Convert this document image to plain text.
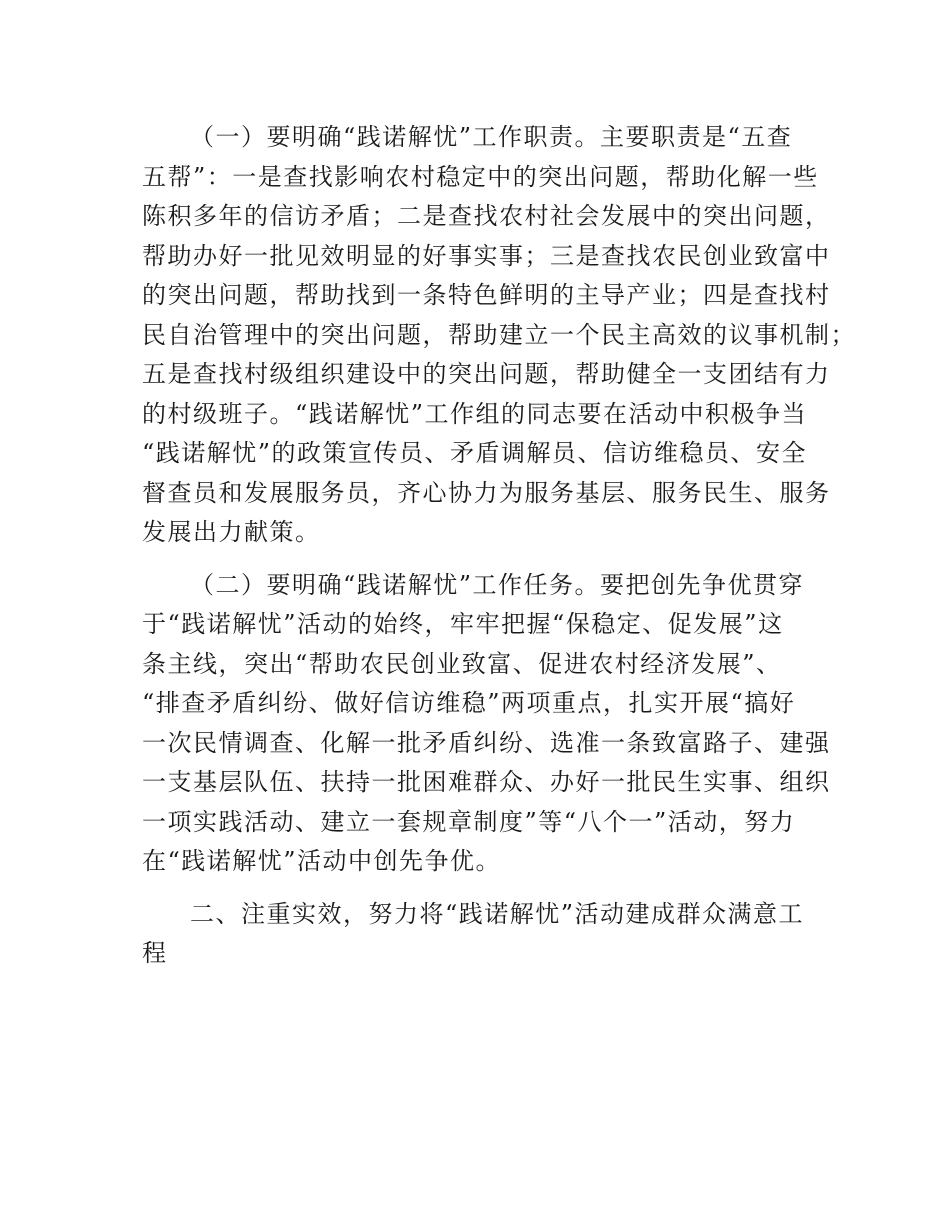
（一）要明确“践诺解忧”工作职责。主要职责是“五查
五帮”：一是查找影响农村稳定中的突出问题，帮助化解一些
陈积多年的信访矛盾；二是查找农村社会发展中的突出问题，
帮助办好一批见效明显的好事实事；三是查找农民创业致富中
的突出问题，帮助找到一条特色鲜明的主导产业；四是查找村
民自治管理中的突出问题，帮助建立一个民主高效的议事机制；
五是查找村级组织建设中的突出问题，帮助健全一支团结有力
的村级班子。“践诺解忧”工作组的同志要在活动中积极争当
“践诺解忧”的政策宣传员、矛盾调解员、信访维稳员、安全
督查员和发展服务员，齐心协力为服务基层、服务民生、服务
发展出力献策。

（二）要明确“践诺解忧”工作任务。要把创先争优贯穿
于“践诺解忧”活动的始终，牢牢把握“保稳定、促发展”这
条主线，突出“帮助农民创业致富、促进农村经济发展”、
“排查矛盾纠纷、做好信访维稳”两项重点，扎实开展“搞好
一次民情调查、化解一批矛盾纠纷、选准一条致富路子、建强
一支基层队伍、扶持一批困难群众、办好一批民生实事、组织
一项实践活动、建立一套规章制度”等“八个一”活动，努力
在“践诺解忧”活动中创先争优。

二、注重实效，努力将“践诺解忧”活动建成群众满意工
程
